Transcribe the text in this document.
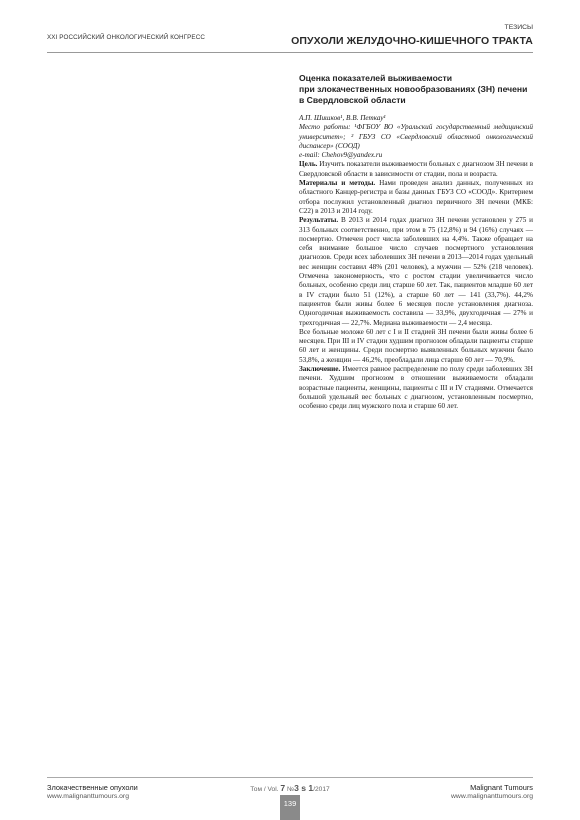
XXI РОССИЙСКИЙ ОНКОЛОГИЧЕСКИЙ КОНГРЕСС
ТЕЗИСЫ
ОПУХОЛИ ЖЕЛУДОЧНО-КИШЕЧНОГО ТРАКТА
Оценка показателей выживаемости
при злокачественных новообразованиях (ЗН) печени
в Свердловской области
А.П. Шишков¹, В.В. Петкау¹
Место работы: ¹ФГБОУ ВО «Уральский государственный медицинский университет»; ² ГБУЗ СО «Свердловский областной онкологический диспансер» (СООД)
e-mail: Chehov9@yandex.ru

Цель. Изучить показатели выживаемости больных с диагнозом ЗН печени в Свердловской области в зависимости от стадии, пола и возраста.

Материалы и методы. Нами проведен анализ данных, полученных из областного Канцер-регистра и базы данных ГБУЗ СО «СООД». Критерием отбора послужил установленный диагноз первичного ЗН печени (МКБ: С22) в 2013 и 2014 году.

Результаты. В 2013 и 2014 годах диагноз ЗН печени установлен у 275 и 313 больных соответственно, при этом в 75 (12,8%) и 94 (16%) случаях — посмертно. Отмечен рост числа заболевших на 4,4%. Также обращает на себя внимание большое число случаев посмертного установления диагнозов. Среди всех заболевших ЗН печени в 2013—2014 годах удельный вес женщин составил 48% (201 человек), а мужчин — 52% (218 человек). Отмечена закономерность, что с ростом стадии увеличивается число больных, особенно среди лиц старше 60 лет. Так, пациентов младше 60 лет в IV стадии было 51 (12%), а старше 60 лет — 141 (33,7%). 44,2% пациентов были живы более 6 месяцев после установления диагноза. Одногодичная выживаемость составила — 33,9%, двухгодичная — 27% и трехгодичная — 22,7%. Медиана выживаемости — 2,4 месяца.

Все больные моложе 60 лет с I и II стадией ЗН печени были живы более 6 месяцев. При III и IV стадии худшим прогнозом обладали пациенты старше 60 лет и женщины. Среди посмертно выявленных больных мужчин было 53,8%, а женщин — 46,2%, преобладали лица старше 60 лет — 70,9%.

Заключение. Имеется равное распределение по полу среди заболевших ЗН печени. Худшим прогнозом в отношении выживаемости обладали возрастные пациенты, женщины, пациенты с III и IV стадиями. Отмечается большой удельный вес больных с диагнозом, установленным посмертно, особенно среди лиц мужского пола и старше 60 лет.

Злокачественные опухоли
www.malignanttumours.org
Том / Vol. 7 №3 s 1/2017
139
Malignant Tumours
www.malignanttumours.org
